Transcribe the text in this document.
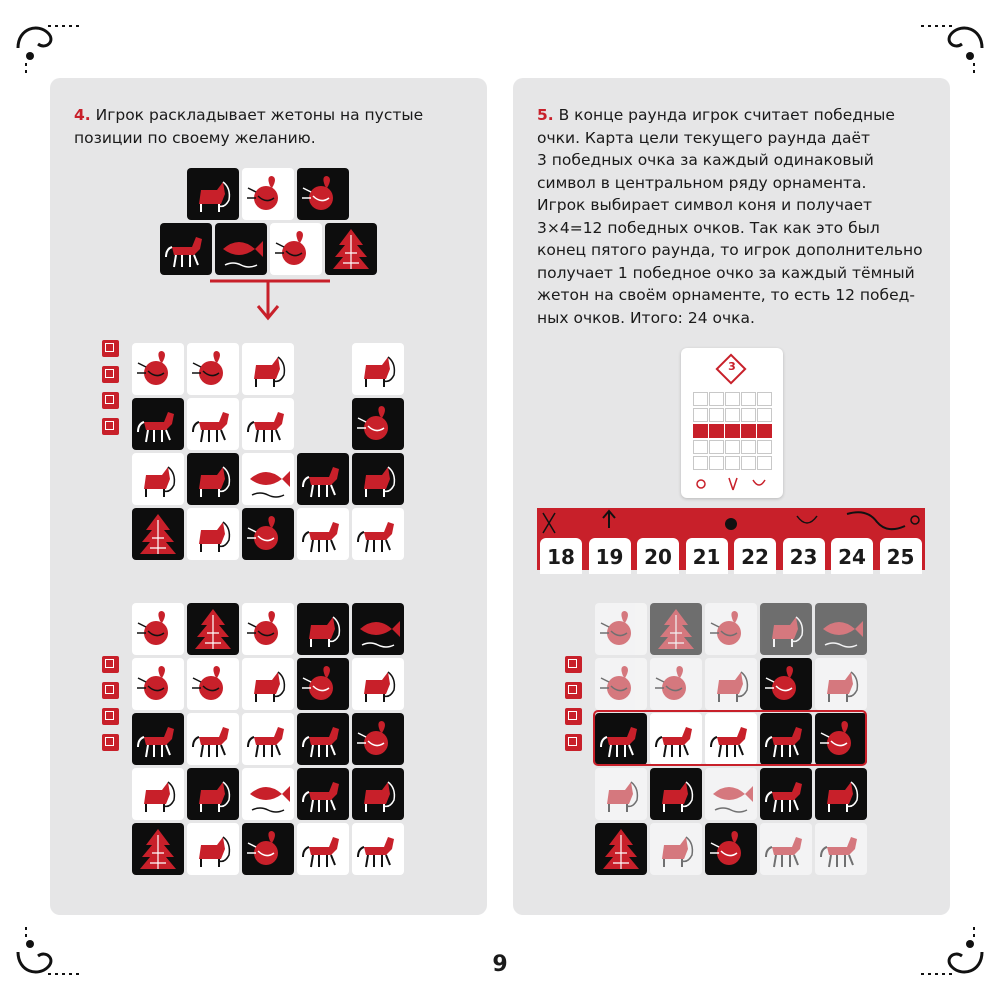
4. Игрок раскладывает жетоны на пустые
позиции по своему желанию.
5. В конце раунда игрок считает победные
очки. Карта цели текущего раунда даёт
3 победных очка за каждый одинаковый
символ в центральном ряду орнамента.
Игрок выбирает символ коня и получает
3×4=12 победных очков. Так как это был
конец пятого раунда, то игрок дополнительно
получает 1 победное очко за каждый тёмный
жетон на своём орнаменте, то есть 12 побед-
ных очков. Итого: 24 очка.
3
18	19	20	21	22	23	24	25
9
